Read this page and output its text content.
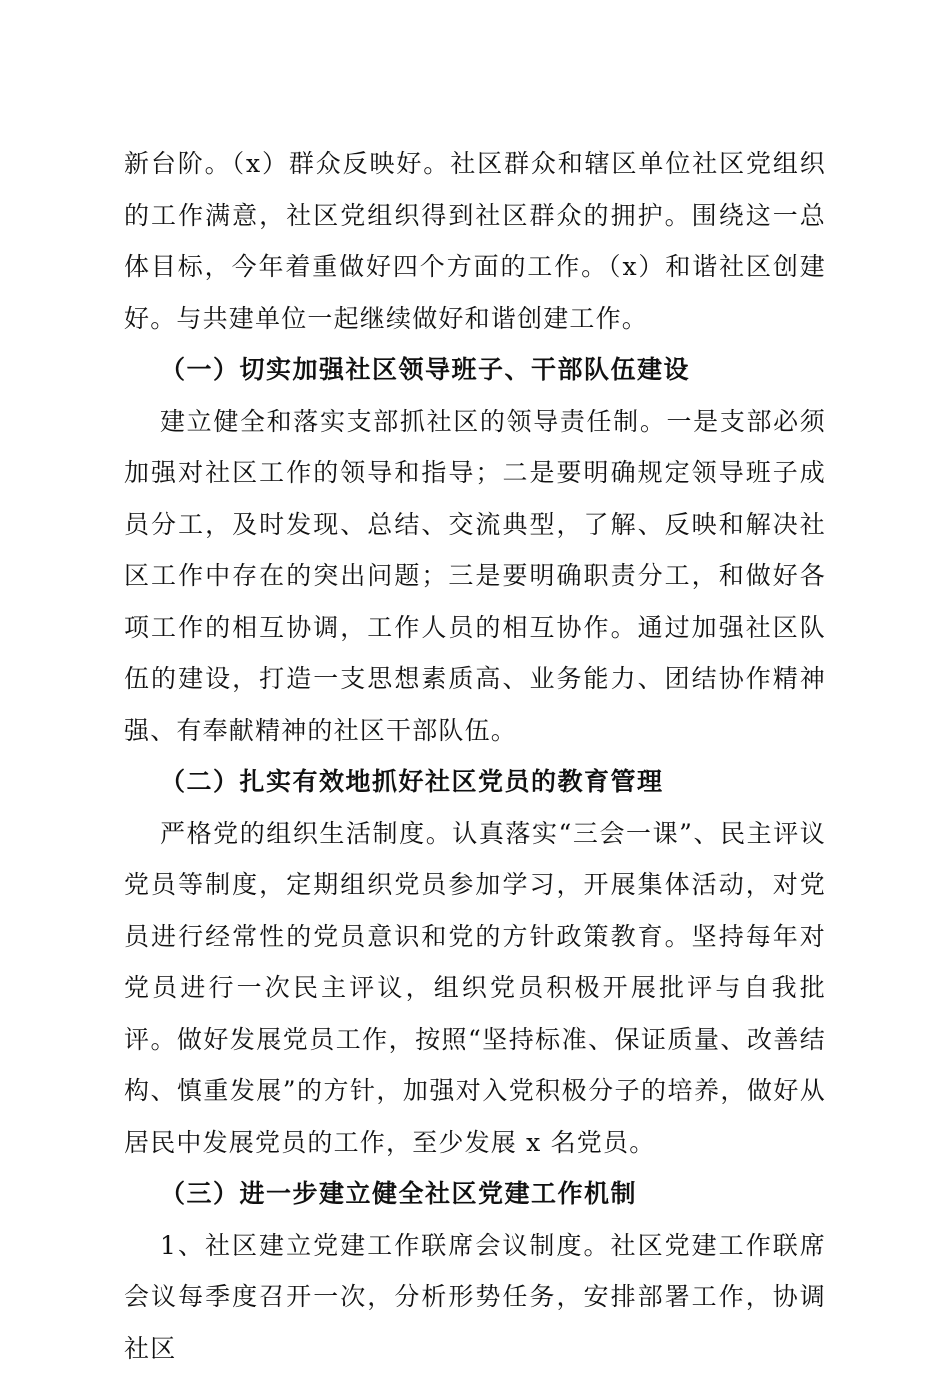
新台阶。（x）群众反映好。社区群众和辖区单位社区党组织的工作满意，社区党组织得到社区群众的拥护。围绕这一总体目标，今年着重做好四个方面的工作。（x）和谐社区创建好。与共建单位一起继续做好和谐创建工作。

（一）切实加强社区领导班子、干部队伍建设

建立健全和落实支部抓社区的领导责任制。一是支部必须加强对社区工作的领导和指导；二是要明确规定领导班子成员分工，及时发现、总结、交流典型，了解、反映和解决社区工作中存在的突出问题；三是要明确职责分工，和做好各项工作的相互协调，工作人员的相互协作。通过加强社区队伍的建设，打造一支思想素质高、业务能力、团结协作精神强、有奉献精神的社区干部队伍。

（二）扎实有效地抓好社区党员的教育管理

严格党的组织生活制度。认真落实“三会一课”、民主评议党员等制度，定期组织党员参加学习，开展集体活动，对党员进行经常性的党员意识和党的方针政策教育。坚持每年对党员进行一次民主评议，组织党员积极开展批评与自我批评。做好发展党员工作，按照“坚持标准、保证质量、改善结构、慎重发展”的方针，加强对入党积极分子的培养，做好从居民中发展党员的工作，至少发展 x 名党员。

（三）进一步建立健全社区党建工作机制

1、社区建立党建工作联席会议制度。社区党建工作联席会议每季度召开一次，分析形势任务，安排部署工作，协调社区
